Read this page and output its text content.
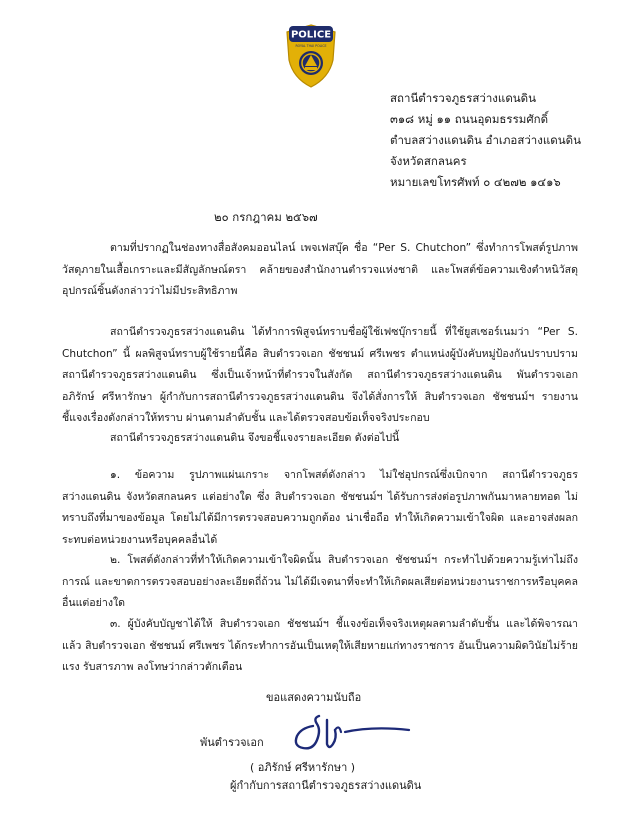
POLICE
ROYAL THAI POLICE
สถานีตำรวจภูธรสว่างแดนดิน
๓๑๘ หมู่ ๑๑ ถนนอุดมธรรมศักดิ์
ตำบลสว่างแดนดิน อำเภอสว่างแดนดิน
จังหวัดสกลนคร
หมายเลขโทรศัพท์ ๐ ๔๒๗๒ ๑๔๑๖
๒๐ กรกฎาคม ๒๕๖๗

ตามที่ปรากฏในช่องทางสื่อสังคมออนไลน์ เพจเฟสบุ๊ค ชื่อ “Per S. Chutchon” ซึ่งทำการโพสต์รูปภาพวัสดุภายในเสื้อเกราะและมีสัญลักษณ์ตรา คล้ายของสำนักงานตำรวจแห่งชาติ และโพสต์ข้อความเชิงตำหนิวัสดุอุปกรณ์ชิ้นดังกล่าวว่าไม่มีประสิทธิภาพ

สถานีตำรวจภูธรสว่างแดนดิน ได้ทำการพิสูจน์ทราบชื่อผู้ใช้เฟซบุ๊กรายนี้ ที่ใช้ยูสเซอร์เนมว่า “Per S. Chutchon” นี้ ผลพิสูจน์ทราบผู้ใช้รายนี้คือ สิบตำรวจเอก ชัชชนม์ ศรีเพชร ตำแหน่งผู้บังคับหมู่ป้องกันปราบปราม สถานีตำรวจภูธรสว่างแดนดิน ซึ่งเป็นเจ้าหน้าที่ตำรวจในสังกัด สถานีตำรวจภูธรสว่างแดนดิน พันตำรวจเอก อภิรักษ์ ศรีหารักษา ผู้กำกับการสถานีตำรวจภูธรสว่างแดนดิน จึงได้สั่งการให้ สิบตำรวจเอก ชัชชนม์ฯ รายงานชี้แจงเรื่องดังกล่าวให้ทราบ ผ่านตามลำดับชั้น และได้ตรวจสอบข้อเท็จจริงประกอบ

สถานีตำรวจภูธรสว่างแดนดิน จึงขอชี้แจงรายละเอียด ดังต่อไปนี้

๑. ข้อความ รูปภาพแผ่นเกราะ จากโพสต์ดังกล่าว ไม่ใช่อุปกรณ์ซึ่งเบิกจาก สถานีตำรวจภูธรสว่างแดนดิน จังหวัดสกลนคร แต่อย่างใด ซึ่ง สิบตำรวจเอก ชัชชนม์ฯ ได้รับการส่งต่อรูปภาพกันมาหลายทอด ไม่ทราบถึงที่มาของข้อมูล โดยไม่ได้มีการตรวจสอบความถูกต้อง น่าเชื่อถือ ทำให้เกิดความเข้าใจผิด และอาจส่งผลกระทบต่อหน่วยงานหรือบุคคลอื่นได้

๒. โพสต์ดังกล่าวที่ทำให้เกิดความเข้าใจผิดนั้น สิบตำรวจเอก ชัชชนม์ฯ กระทำไปด้วยความรู้เท่าไม่ถึงการณ์ และขาดการตรวจสอบอย่างละเอียดถี่ถ้วน ไม่ได้มีเจตนาที่จะทำให้เกิดผลเสียต่อหน่วยงานราชการหรือบุคคลอื่นแต่อย่างใด

๓. ผู้บังคับบัญชาได้ให้ สิบตำรวจเอก ชัชชนม์ฯ ชี้แจงข้อเท็จจริงเหตุผลตามลำดับชั้น และได้พิจารณาแล้ว สิบตำรวจเอก ชัชชนม์ ศรีเพชร ได้กระทำการอันเป็นเหตุให้เสียหายแก่ทางราชการ อันเป็นความผิดวินัยไม่ร้ายแรง รับสารภาพ ลงโทษว่ากล่าวตักเตือน

ขอแสดงความนับถือ
พันตำรวจเอก
( อภิรักษ์ ศรีหารักษา )
ผู้กำกับการสถานีตำรวจภูธรสว่างแดนดิน
